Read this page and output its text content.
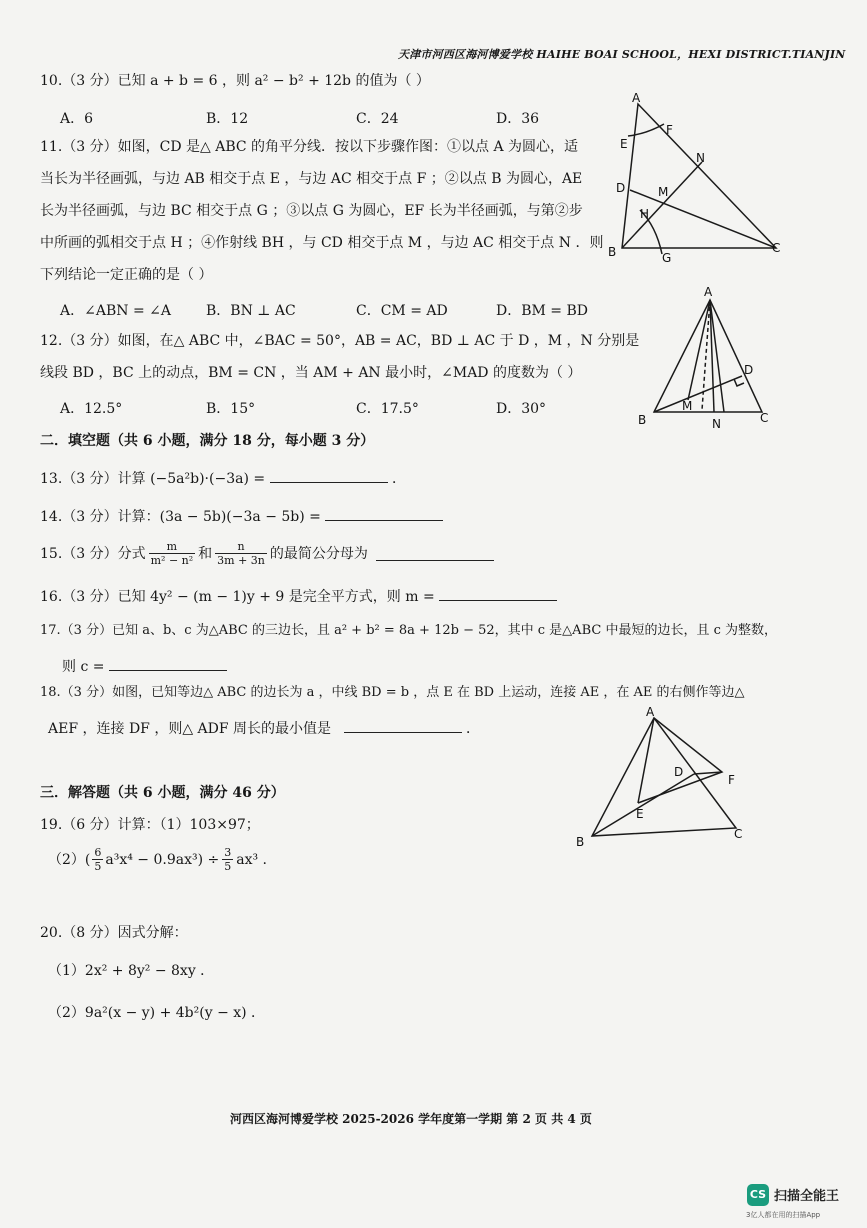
天津市河西区海河博爱学校 HAIHE BOAI SCHOOL，HEXI DISTRICT.TIANJIN
10.（3 分）已知 a + b = 6 ，则 a² − b² + 12b 的值为（ ）
A．6	B．12	C．24	D．36
11.（3 分）如图，CD 是△ ABC 的角平分线．按以下步骤作图：①以点 A 为圆心，适
当长为半径画弧，与边 AB 相交于点 E ，与边 AC 相交于点 F ；②以点 B 为圆心，AE
长为半径画弧，与边 BC 相交于点 G ；③以点 G 为圆心，EF 长为半径画弧，与第②步
中所画的弧相交于点 H ；④作射线 BH ，与 CD 相交于点 M ，与边 AC 相交于点 N ．则
下列结论一定正确的是（ ）
A．∠ABN = ∠A	B．BN ⊥ AC	C．CM = AD	D．BM = BD
A
F
E
N
D	M
H
B	G
C
12.（3 分）如图，在△ ABC 中，∠BAC = 50°，AB = AC，BD ⊥ AC 于 D ，M ，N 分别是
线段 BD ，BC 上的动点，BM = CN ，当 AM + AN 最小时，∠MAD 的度数为（ ）
A．12.5°	B．15°	C．17.5°	D．30°
A
D
M
B	N	C
二．填空题（共 6 小题，满分 18 分，每小题 3 分）
13.（3 分）计算 (−5a²b)·(−3a) =	．
14.（3 分）计算：(3a − 5b)(−3a − 5b) =
15.（3 分）分式 $\frac{m}{\text{m² − n²}}$ 和 $\frac{n}{3m + 3n}$ 的最简公分母为
16.（3 分）已知 4y² − (m − 1)y + 9 是完全平方式，则 m =
17.（3 分）已知 a、b、c 为△ABC 的三边长，且 a² + b² = 8a + 12b − 52，其中 c 是△ABC 中最短的边长，且 c 为整数，
则 c =
18.（3 分）如图，已知等边△ ABC 的边长为 a ，中线 BD = b ，点 E 在 BD 上运动，连接 AE ，在 AE 的右侧作等边△
AEF ，连接 DF ，则△ ADF 周长的最小值是	．
A
D
F
E
B
C
三．解答题（共 6 小题，满分 46 分）
19.（6 分）计算：（1）103×97；
$(2)( \frac{6}{5} a^3x^4 - 0.9ax^3) \div \frac{3}{5} ax^3$ .
20.（8 分）因式分解：
（1）2x² + 8y² − 8xy ．
（2）9a²(x − y) + 4b²(y − x) ．
河西区海河博爱学校 2025-2026 学年度第一学期 第 2 页 共 4 页
CS 扫描全能王
3亿人都在用的扫描App
